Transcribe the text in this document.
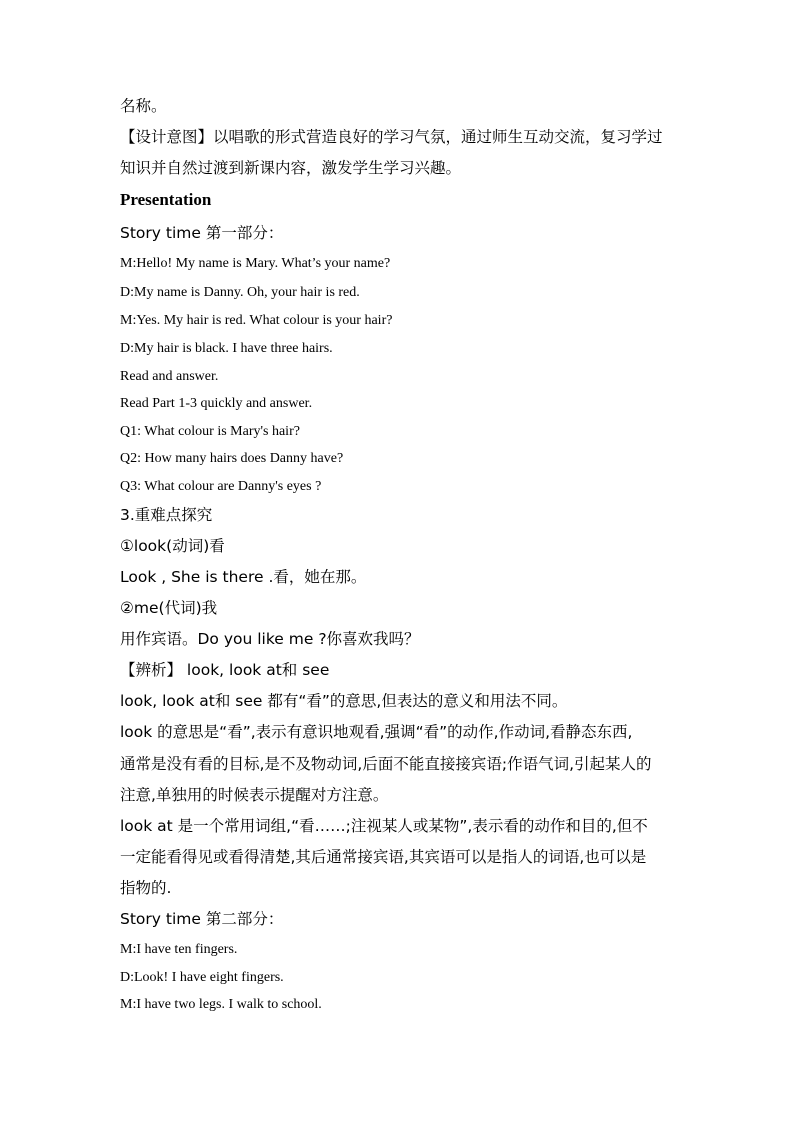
名称。
【设计意图】以唱歌的形式营造良好的学习气氛，通过师生互动交流，复习学过
知识并自然过渡到新课内容，激发学生学习兴趣。
Presentation
Story time 第一部分：
M:Hello! My name is Mary. What’s your name?
D:My name is Danny. Oh, your hair is red.
M:Yes. My hair is red. What colour is your hair?
D:My hair is black. I have three hairs.
Read and answer.
Read Part 1-3 quickly and answer.
Q1: What colour is Mary's hair?
Q2: How many hairs does Danny have?
Q3: What colour are Danny's eyes ?
3.重难点探究
①look(动词)看
Look , She is there .看，她在那。
②me(代词)我
用作宾语。Do you like me ?你喜欢我吗？
【辨析】 look, look at和 see
look, look at和 see 都有“看”的意思,但表达的意义和用法不同。
look 的意思是“看”,表示有意识地观看,强调“看”的动作,作动词,看静态东西,
通常是没有看的目标,是不及物动词,后面不能直接接宾语;作语气词,引起某人的
注意,单独用的时候表示提醒对方注意。
look at 是一个常用词组,“看……;注视某人或某物”,表示看的动作和目的,但不
一定能看得见或看得清楚,其后通常接宾语,其宾语可以是指人的词语,也可以是
指物的.
Story time 第二部分：
M:I have ten fingers.
D:Look! I have eight fingers.
M:I have two legs. I walk to school.
